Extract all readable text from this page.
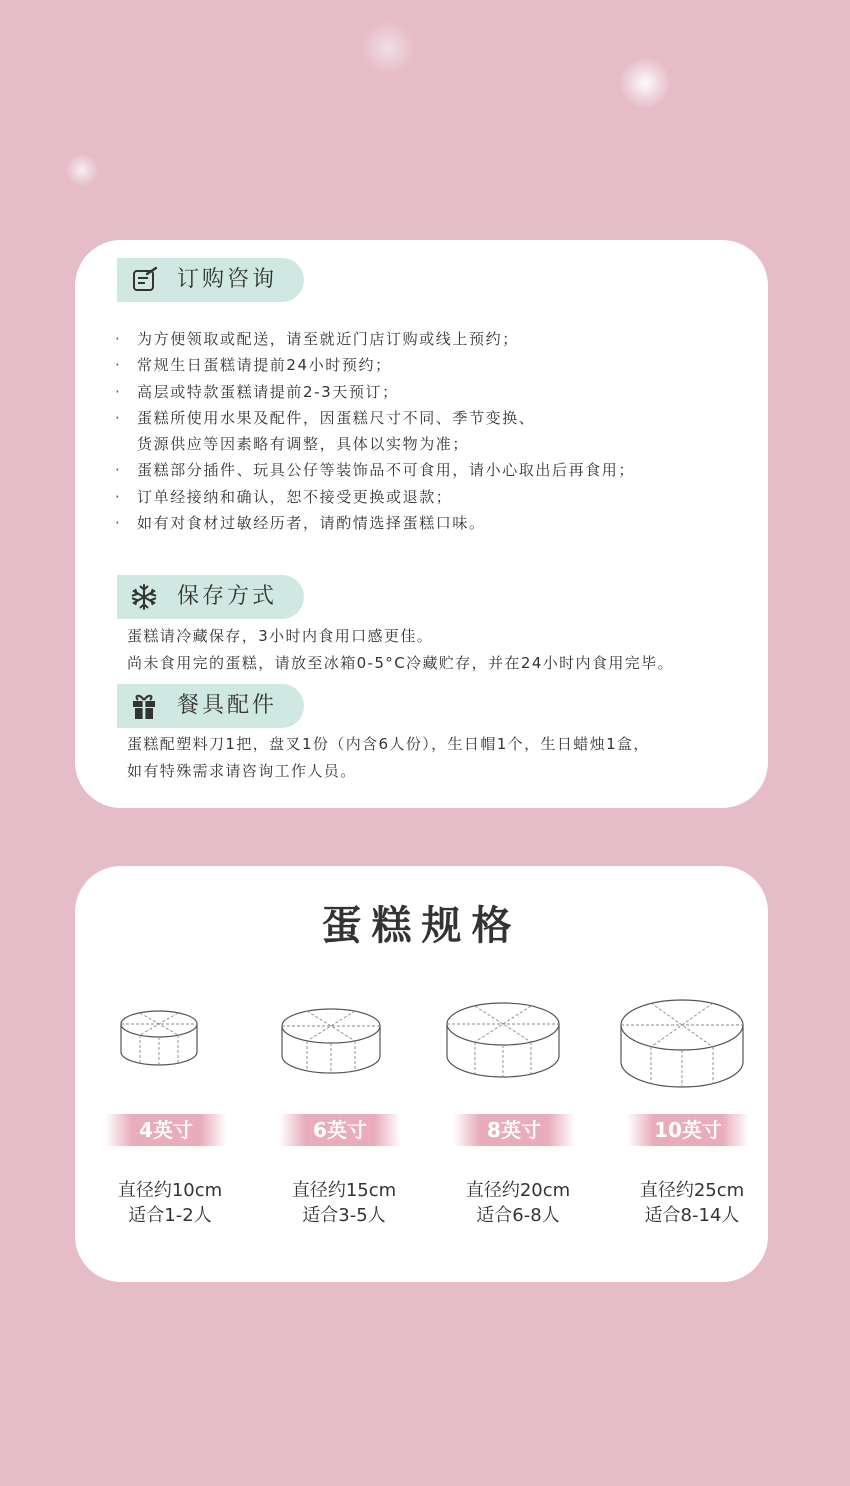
订购咨询
· 为方便领取或配送，请至就近门店订购或线上预约；
· 常规生日蛋糕请提前24小时预约；
· 高层或特款蛋糕请提前2-3天预订；
· 蛋糕所使用水果及配件，因蛋糕尺寸不同、季节变换、
货源供应等因素略有调整，具体以实物为准；
· 蛋糕部分插件、玩具公仔等装饰品不可食用，请小心取出后再食用；
· 订单经接纳和确认，恕不接受更换或退款；
· 如有对食材过敏经历者，请酌情选择蛋糕口味。
保存方式

蛋糕请冷藏保存，3小时内食用口感更佳。
尚未食用完的蛋糕，请放至冰箱0-5°C冷藏贮存，并在24小时内食用完毕。

餐具配件

蛋糕配塑料刀1把，盘叉1份（内含6人份），生日帽1个，生日蜡烛1盒，
如有特殊需求请咨询工作人员。

蛋糕规格
4英寸
直径约10cm
适合1-2人
6英寸
直径约15cm
适合3-5人
8英寸
直径约20cm
适合6-8人
10英寸
直径约25cm
适合8-14人
